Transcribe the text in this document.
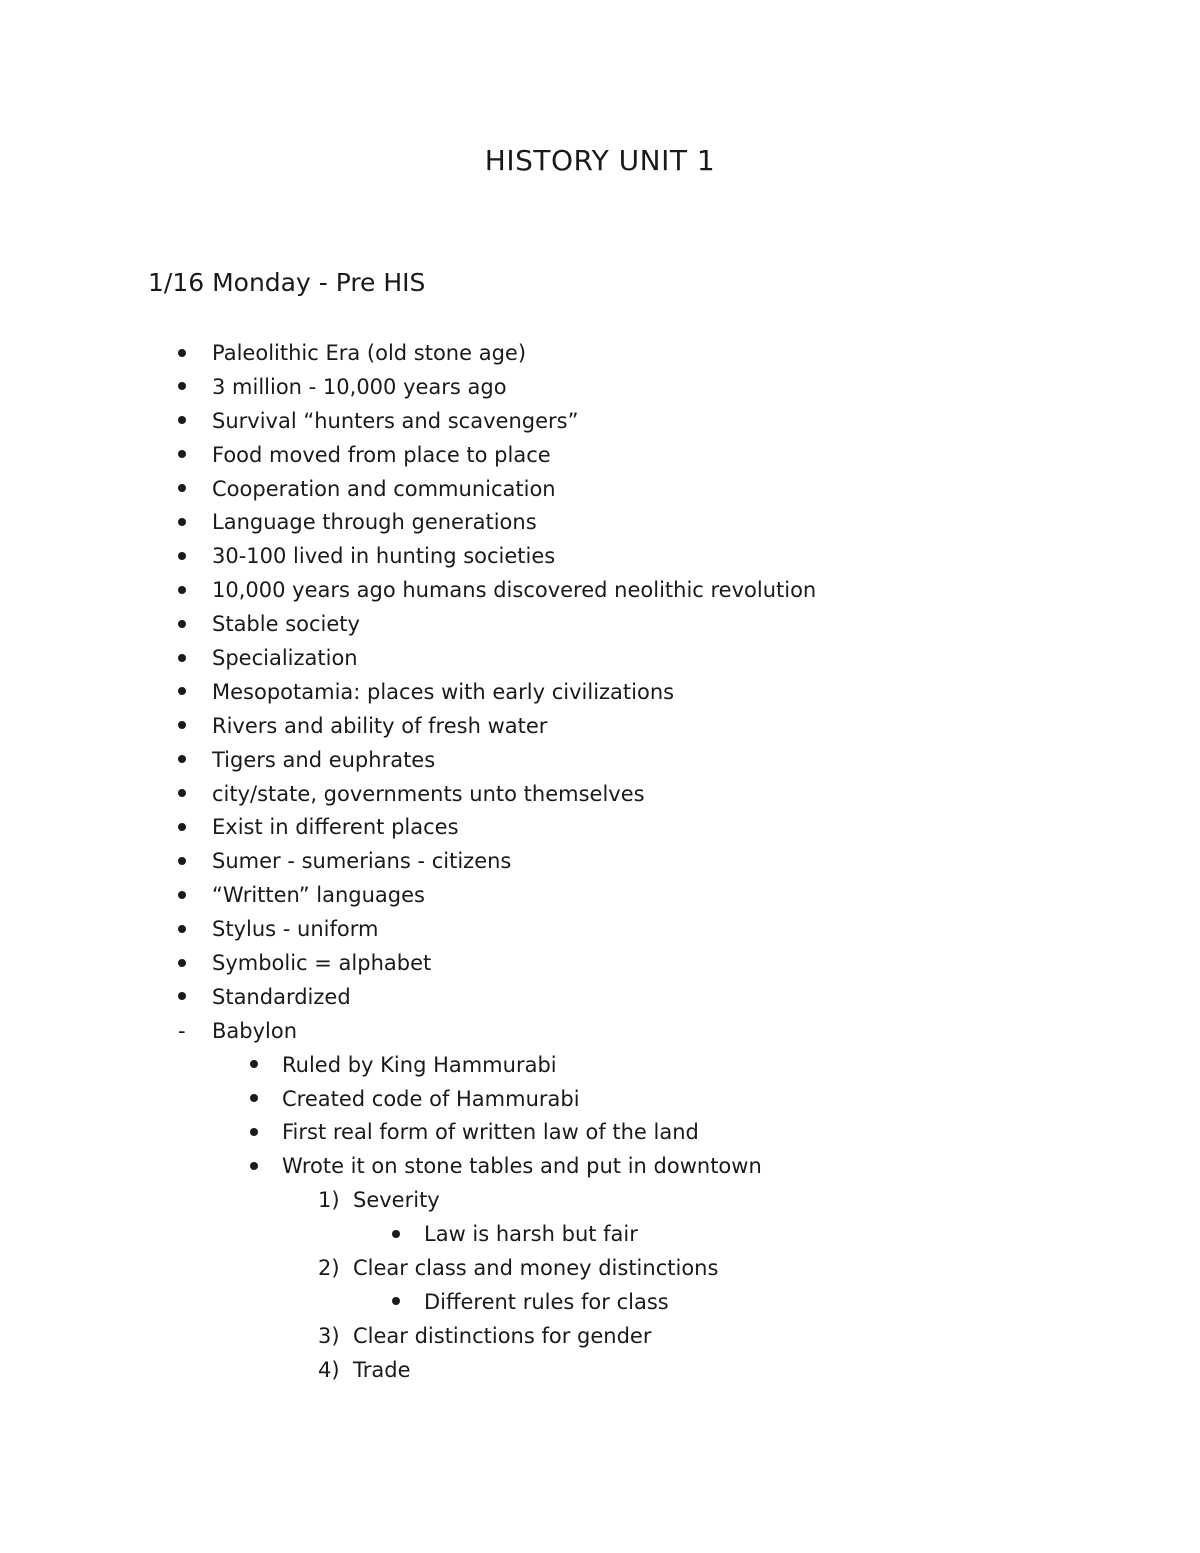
HISTORY UNIT 1
1/16 Monday - Pre HIS
Paleolithic Era (old stone age)
3 million - 10,000 years ago
Survival “hunters and scavengers”
Food moved from place to place
Cooperation and communication
Language through generations
30-100 lived in hunting societies
10,000 years ago humans discovered neolithic revolution
Stable society
Specialization
Mesopotamia: places with early civilizations
Rivers and ability of fresh water
Tigers and euphrates
city/state, governments unto themselves
Exist in different places
Sumer - sumerians - citizens
“Written” languages
Stylus - uniform
Symbolic = alphabet
Standardized
-	Babylon
Ruled by King Hammurabi
Created code of Hammurabi
First real form of written law of the land
Wrote it on stone tables and put in downtown
1) Severity
Law is harsh but fair
2) Clear class and money distinctions
Different rules for class
3) Clear distinctions for gender
4) Trade
